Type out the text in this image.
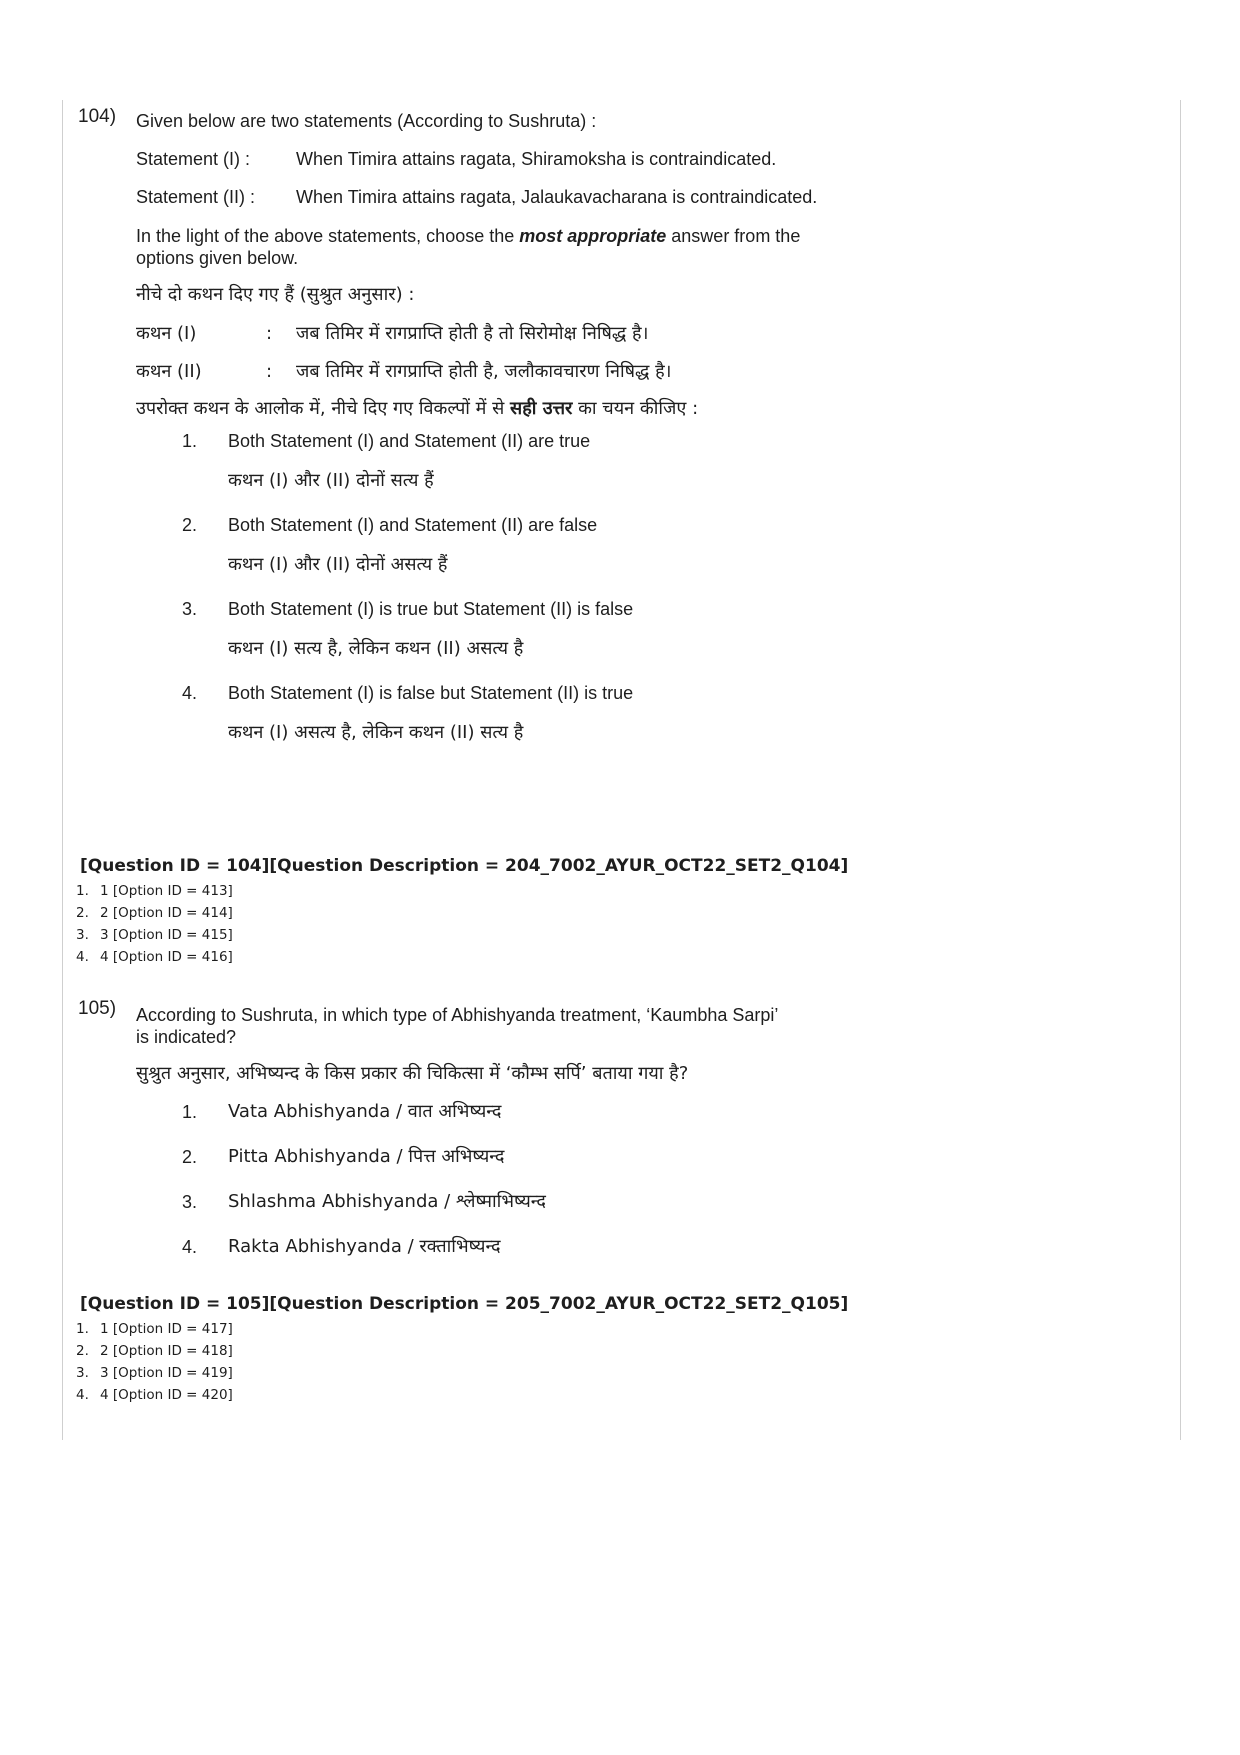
104) Given below are two statements (According to Sushruta) :

Statement (I) :	When Timira attains ragata, Shiramoksha is contraindicated.
Statement (II) :	When Timira attains ragata, Jalaukavacharana is contraindicated.

In the light of the above statements, choose the most appropriate answer from the options given below.

नीचे दो कथन दिए गए हैं (सुश्रुत अनुसार) :

कथन (I)	:	जब तिमिर में रागप्राप्ति होती है तो सिरोमोक्ष निषिद्ध है।
कथन (II)	:	जब तिमिर में रागप्राप्ति होती है, जलौकावचारण निषिद्ध है।

उपरोक्त कथन के आलोक में, नीचे दिए गए विकल्पों में से सही उत्तर का चयन कीजिए :

1.	Both Statement (I) and Statement (II) are true
कथन (I) और (II) दोनों सत्य हैं
2.	Both Statement (I) and Statement (II) are false
कथन (I) और (II) दोनों असत्य हैं
3.	Both Statement (I) is true but Statement (II) is false
कथन (I) सत्य है, लेकिन कथन (II) असत्य है
4.	Both Statement (I) is false but Statement (II) is true
कथन (I) असत्य है, लेकिन कथन (II) सत्य है
[Question ID = 104][Question Description = 204_7002_AYUR_OCT22_SET2_Q104]
1. 1 [Option ID = 413]
2. 2 [Option ID = 414]
3. 3 [Option ID = 415]
4. 4 [Option ID = 416]
105) According to Sushruta, in which type of Abhishyanda treatment, ‘Kaumbha Sarpi’

is indicated?

सुश्रुत अनुसार, अभिष्यन्द के किस प्रकार की चिकित्सा में ‘कौम्भ सर्पि’ बताया गया है?

1.	Vata Abhishyanda / वात अभिष्यन्द
2.	Pitta Abhishyanda / पित्त अभिष्यन्द
3.	Shlashma Abhishyanda / श्लेष्माभिष्यन्द
4.	Rakta Abhishyanda / रक्ताभिष्यन्द
[Question ID = 105][Question Description = 205_7002_AYUR_OCT22_SET2_Q105]
1. 1 [Option ID = 417]
2. 2 [Option ID = 418]
3. 3 [Option ID = 419]
4. 4 [Option ID = 420]
